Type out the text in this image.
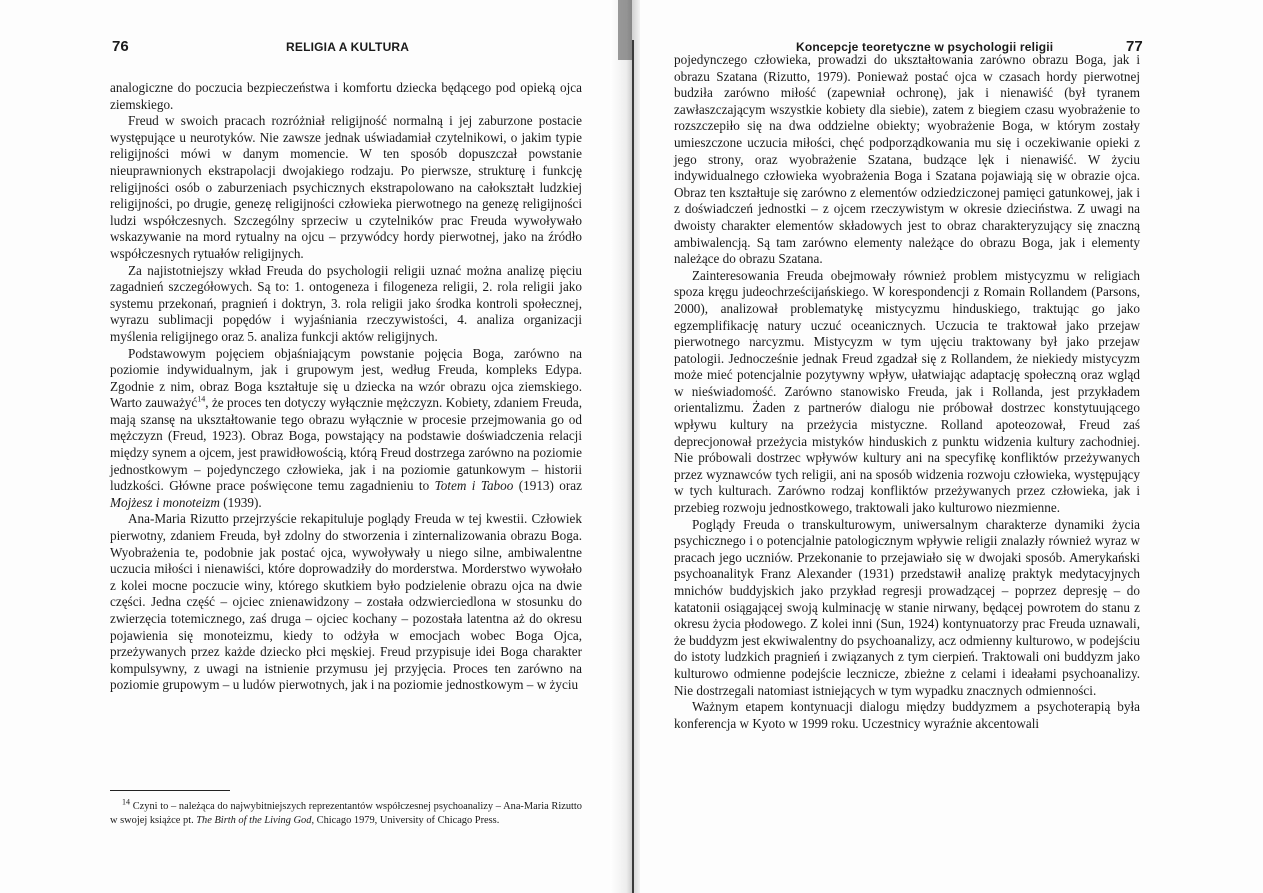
76	RELIGIA A KULTURA

analogiczne do poczucia bezpieczeństwa i komfortu dziecka będącego pod opieką ojca ziemskiego.

Freud w swoich pracach rozróżniał religijność normalną i jej zaburzone postacie występujące u neurotyków. Nie zawsze jednak uświadamiał czytelnikowi, o jakim typie religijności mówi w danym momencie. W ten sposób dopuszczał powstanie nieuprawnionych ekstrapolacji dwojakiego rodzaju. Po pierwsze, strukturę i funkcję religijności osób o zaburzeniach psychicznych ekstrapolowano na całokształt ludzkiej religijności, po drugie, genezę religijności człowieka pierwotnego na genezę religijności ludzi współczesnych. Szczególny sprzeciw u czytelników prac Freuda wywoływało wskazywanie na mord rytualny na ojcu – przywódcy hordy pierwotnej, jako na źródło współczesnych rytuałów religijnych.

Za najistotniejszy wkład Freuda do psychologii religii uznać można analizę pięciu zagadnień szczegółowych. Są to: 1. ontogeneza i filogeneza religii, 2. rola religii jako systemu przekonań, pragnień i doktryn, 3. rola religii jako środka kontroli społecznej, wyrazu sublimacji popędów i wyjaśniania rzeczywistości, 4. analiza organizacji myślenia religijnego oraz 5. analiza funkcji aktów religijnych.

Podstawowym pojęciem objaśniającym powstanie pojęcia Boga, zarówno na poziomie indywidualnym, jak i grupowym jest, według Freuda, kompleks Edypa. Zgodnie z nim, obraz Boga kształtuje się u dziecka na wzór obrazu ojca ziemskiego. Warto zauważyć$^{14}$, że proces ten dotyczy wyłącznie mężczyzn. Kobiety, zdaniem Freuda, mają szansę na ukształtowanie tego obrazu wyłącznie w procesie przejmowania go od mężczyzn (Freud, 1923). Obraz Boga, powstający na podstawie doświadczenia relacji między synem a ojcem, jest prawidłowością, którą Freud dostrzega zarówno na poziomie jednostkowym – pojedynczego człowieka, jak i na poziomie gatunkowym – historii ludzkości. Główne prace poświęcone temu zagadnieniu to Totem i Taboo (1913) oraz Mojżesz i monoteizm (1939).

Ana-Maria Rizutto przejrzyście rekapituluje poglądy Freuda w tej kwestii. Człowiek pierwotny, zdaniem Freuda, był zdolny do stworzenia i zinternalizowania obrazu Boga. Wyobrażenia te, podobnie jak postać ojca, wywoływały u niego silne, ambiwalentne uczucia miłości i nienawiści, które doprowadziły do morderstwa. Morderstwo wywołało z kolei mocne poczucie winy, którego skutkiem było podzielenie obrazu ojca na dwie części. Jedna część – ojciec znienawidzony – została odzwierciedlona w stosunku do zwierzęcia totemicznego, zaś druga – ojciec kochany – pozostała latentna aż do okresu pojawienia się monoteizmu, kiedy to odżyła w emocjach wobec Boga Ojca, przeżywanych przez każde dziecko płci męskiej. Freud przypisuje idei Boga charakter kompulsywny, z uwagi na istnienie przymusu jej przyjęcia. Proces ten zarówno na poziomie grupowym – u ludów pierwotnych, jak i na poziomie jednostkowym – w życiu

$^{14}$ Czyni to – należąca do najwybitniejszych reprezentantów współczesnej psychoanalizy – Ana-Maria Rizutto w swojej książce pt. The Birth of the Living God, Chicago 1979, University of Chicago Press.
Koncepcje teoretyczne w psychologii religii	77

pojedynczego człowieka, prowadzi do ukształtowania zarówno obrazu Boga, jak i obrazu Szatana (Rizutto, 1979). Ponieważ postać ojca w czasach hordy pierwotnej budziła zarówno miłość (zapewniał ochronę), jak i nienawiść (był tyranem zawłaszczającym wszystkie kobiety dla siebie), zatem z biegiem czasu wyobrażenie to rozszczepiło się na dwa oddzielne obiekty; wyobrażenie Boga, w którym zostały umieszczone uczucia miłości, chęć podporządkowania mu się i oczekiwanie opieki z jego strony, oraz wyobrażenie Szatana, budzące lęk i nienawiść. W życiu indywidualnego człowieka wyobrażenia Boga i Szatana pojawiają się w obrazie ojca. Obraz ten kształtuje się zarówno z elementów odziedziczonej pamięci gatunkowej, jak i z doświadczeń jednostki – z ojcem rzeczywistym w okresie dzieciństwa. Z uwagi na dwoisty charakter elementów składowych jest to obraz charakteryzujący się znaczną ambiwalencją. Są tam zarówno elementy należące do obrazu Boga, jak i elementy należące do obrazu Szatana.

Zainteresowania Freuda obejmowały również problem mistycyzmu w religiach spoza kręgu judeochrześcijańskiego. W korespondencji z Romain Rollandem (Parsons, 2000), analizował problematykę mistycyzmu hinduskiego, traktując go jako egzemplifikację natury uczuć oceanicznych. Uczucia te traktował jako przejaw pierwotnego narcyzmu. Mistycyzm w tym ujęciu traktowany był jako przejaw patologii. Jednocześnie jednak Freud zgadzał się z Rollandem, że niekiedy mistycyzm może mieć potencjalnie pozytywny wpływ, ułatwiając adaptację społeczną oraz wgląd w nieświadomość. Zarówno stanowisko Freuda, jak i Rollanda, jest przykładem orientalizmu. Żaden z partnerów dialogu nie próbował dostrzec konstytuującego wpływu kultury na przeżycia mistyczne. Rolland apoteozował, Freud zaś deprecjonował przeżycia mistyków hinduskich z punktu widzenia kultury zachodniej. Nie próbowali dostrzec wpływów kultury ani na specyfikę konfliktów przeżywanych przez wyznawców tych religii, ani na sposób widzenia rozwoju człowieka, występujący w tych kulturach. Zarówno rodzaj konfliktów przeżywanych przez człowieka, jak i przebieg rozwoju jednostkowego, traktowali jako kulturowo niezmienne.

Poglądy Freuda o transkulturowym, uniwersalnym charakterze dynamiki życia psychicznego i o potencjalnie patologicznym wpływie religii znalazły również wyraz w pracach jego uczniów. Przekonanie to przejawiało się w dwojaki sposób. Amerykański psychoanalityk Franz Alexander (1931) przedstawił analizę praktyk medytacyjnych mnichów buddyjskich jako przykład regresji prowadzącej – poprzez depresję – do katatonii osiągającej swoją kulminację w stanie nirwany, będącej powrotem do stanu z okresu życia płodowego. Z kolei inni (Sun, 1924) kontynuatorzy prac Freuda uznawali, że buddyzm jest ekwiwalentny do psychoanalizy, acz odmienny kulturowo, w podejściu do istoty ludzkich pragnień i związanych z tym cierpień. Traktowali oni buddyzm jako kulturowo odmienne podejście lecznicze, zbieżne z celami i ideałami psychoanalizy. Nie dostrzegali natomiast istniejących w tym wypadku znacznych odmienności.

Ważnym etapem kontynuacji dialogu między buddyzmem a psychoterapią była konferencja w Kyoto w 1999 roku. Uczestnicy wyraźnie akcentowali
